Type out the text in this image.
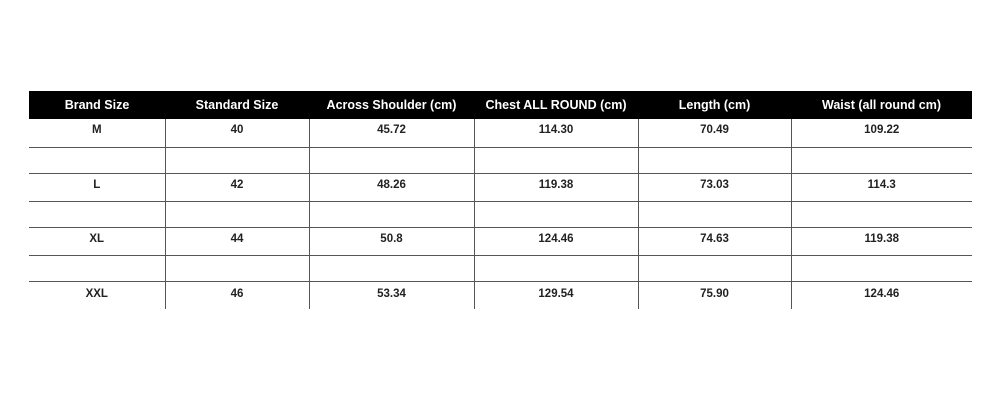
Brand Size	Standard Size	Across Shoulder (cm)	Chest ALL ROUND (cm)	Length (cm)	Waist (all round cm)
M	40	45.72	114.30	70.49	109.22

L	42	48.26	119.38	73.03	114.3

XL	44	50.8	124.46	74.63	119.38

XXL	46	53.34	129.54	75.90	124.46
